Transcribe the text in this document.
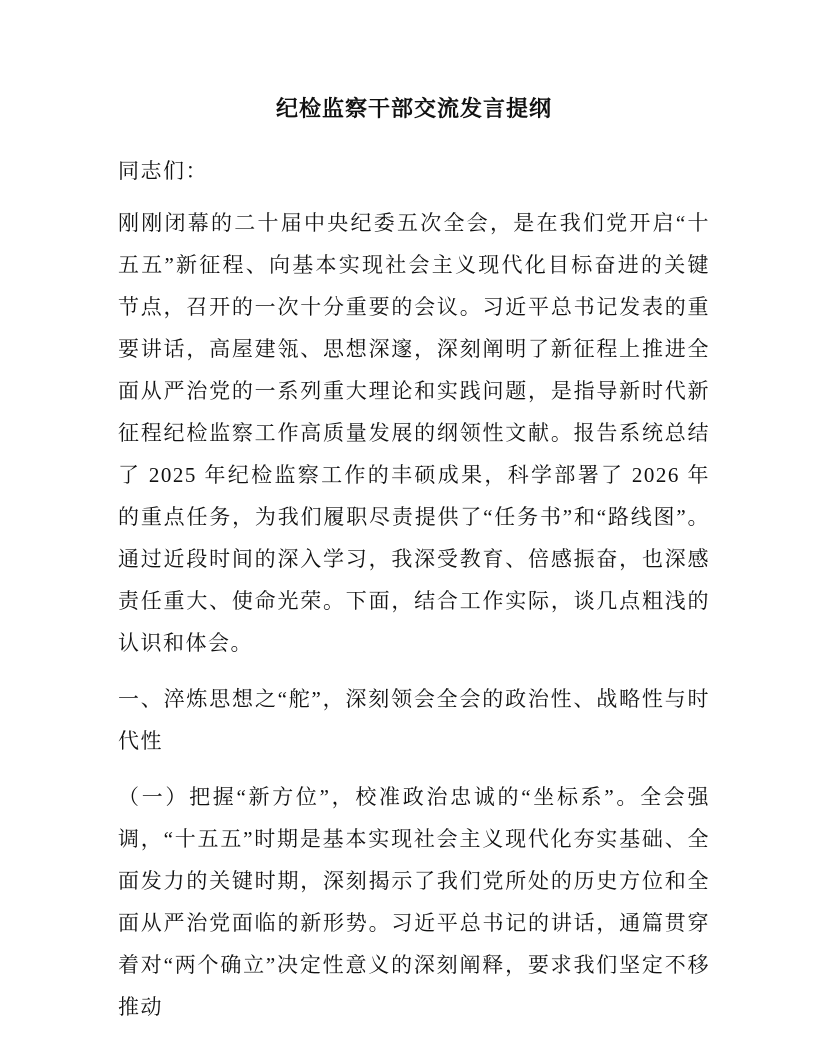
纪检监察干部交流发言提纲

同志们：

刚刚闭幕的二十届中央纪委五次全会，是在我们党开启“十五五”新征程、向基本实现社会主义现代化目标奋进的关键节点，召开的一次十分重要的会议。习近平总书记发表的重要讲话，高屋建瓴、思想深邃，深刻阐明了新征程上推进全面从严治党的一系列重大理论和实践问题，是指导新时代新征程纪检监察工作高质量发展的纲领性文献。报告系统总结了 2025 年纪检监察工作的丰硕成果，科学部署了 2026 年的重点任务，为我们履职尽责提供了“任务书”和“路线图”。通过近段时间的深入学习，我深受教育、倍感振奋，也深感责任重大、使命光荣。下面，结合工作实际，谈几点粗浅的认识和体会。

一、淬炼思想之“舵”，深刻领会全会的政治性、战略性与时代性

（一）把握“新方位”，校准政治忠诚的“坐标系”。全会强调，“十五五”时期是基本实现社会主义现代化夯实基础、全面发力的关键时期，深刻揭示了我们党所处的历史方位和全面从严治党面临的新形势。习近平总书记的讲话，通篇贯穿着对“两个确立”决定性意义的深刻阐释，要求我们坚定不移推动
